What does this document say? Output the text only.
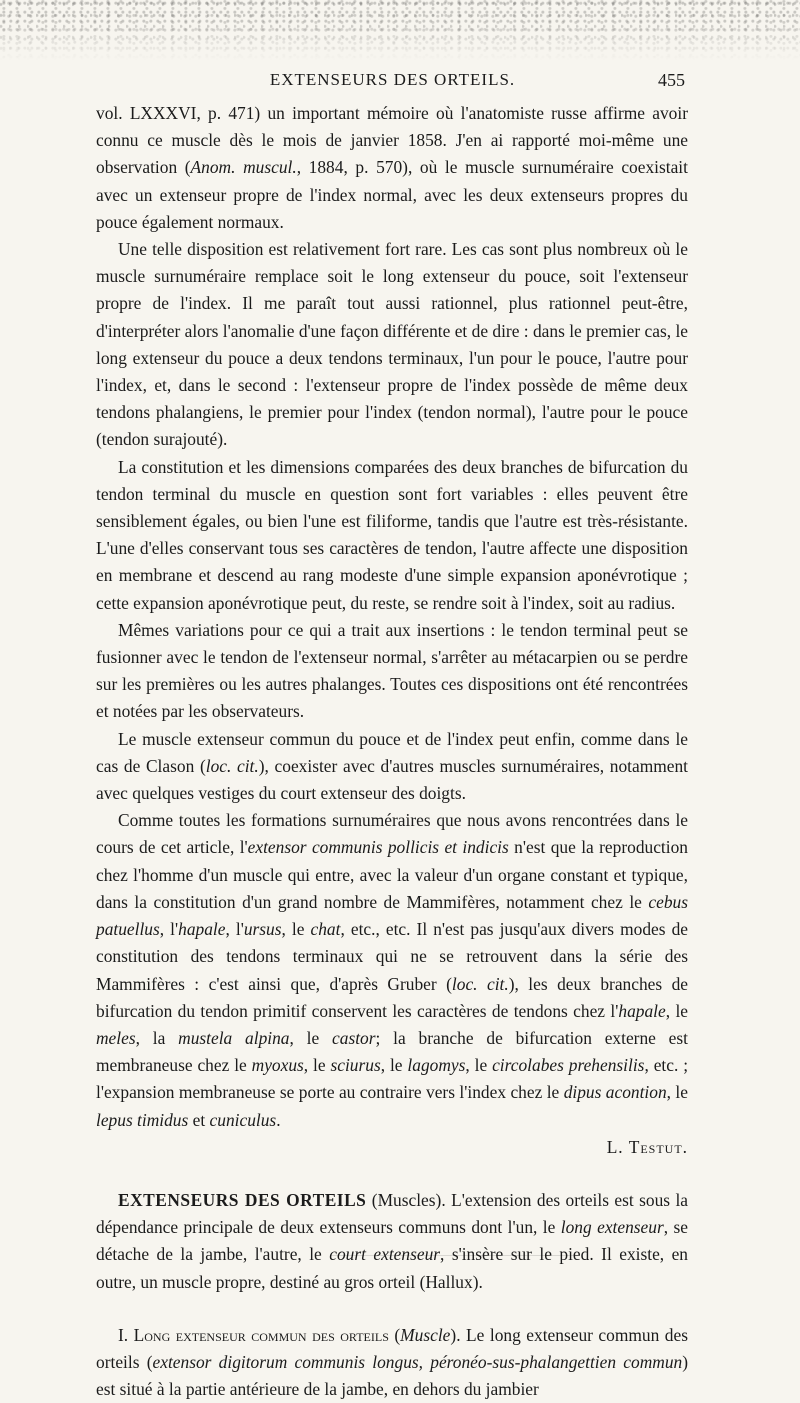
EXTENSEURS DES ORTEILS.	455

vol. LXXXVI, p. 471) un important mémoire où l'anatomiste russe affirme avoir connu ce muscle dès le mois de janvier 1858. J'en ai rapporté moi-même une observation (Anom. muscul., 1884, p. 570), où le muscle surnuméraire coexistait avec un extenseur propre de l'index normal, avec les deux extenseurs propres du pouce également normaux.

Une telle disposition est relativement fort rare. Les cas sont plus nombreux où le muscle surnuméraire remplace soit le long extenseur du pouce, soit l'extenseur propre de l'index. Il me paraît tout aussi rationnel, plus rationnel peut-être, d'interpréter alors l'anomalie d'une façon différente et de dire : dans le premier cas, le long extenseur du pouce a deux tendons terminaux, l'un pour le pouce, l'autre pour l'index, et, dans le second : l'extenseur propre de l'index possède de même deux tendons phalangiens, le premier pour l'index (tendon normal), l'autre pour le pouce (tendon surajouté).

La constitution et les dimensions comparées des deux branches de bifurcation du tendon terminal du muscle en question sont fort variables : elles peuvent être sensiblement égales, ou bien l'une est filiforme, tandis que l'autre est très-résistante. L'une d'elles conservant tous ses caractères de tendon, l'autre affecte une disposition en membrane et descend au rang modeste d'une simple expansion aponévrotique ; cette expansion aponévrotique peut, du reste, se rendre soit à l'index, soit au radius.

Mêmes variations pour ce qui a trait aux insertions : le tendon terminal peut se fusionner avec le tendon de l'extenseur normal, s'arrêter au métacarpien ou se perdre sur les premières ou les autres phalanges. Toutes ces dispositions ont été rencontrées et notées par les observateurs.

Le muscle extenseur commun du pouce et de l'index peut enfin, comme dans le cas de Clason (loc. cit.), coexister avec d'autres muscles surnuméraires, notamment avec quelques vestiges du court extenseur des doigts.

Comme toutes les formations surnuméraires que nous avons rencontrées dans le cours de cet article, l'extensor communis pollicis et indicis n'est que la reproduction chez l'homme d'un muscle qui entre, avec la valeur d'un organe constant et typique, dans la constitution d'un grand nombre de Mammifères, notamment chez le cebus patuellus, l'hapale, l'ursus, le chat, etc., etc. Il n'est pas jusqu'aux divers modes de constitution des tendons terminaux qui ne se retrouvent dans la série des Mammifères : c'est ainsi que, d'après Gruber (loc. cit.), les deux branches de bifurcation du tendon primitif conservent les caractères de tendons chez l'hapale, le meles, la mustela alpina, le castor; la branche de bifurcation externe est membraneuse chez le myoxus, le sciurus, le lagomys, le circolabes prehensilis, etc. ; l'expansion membraneuse se porte au contraire vers l'index chez le dipus acontion, le lepus timidus et cuniculus.

L. Testut.

EXTENSEURS DES ORTEILS (Muscles). L'extension des orteils est sous la dépendance principale de deux extenseurs communs dont l'un, le long extenseur, se détache de la jambe, l'autre, le court extenseur, s'insère sur le pied. Il existe, en outre, un muscle propre, destiné au gros orteil (Hallux).

I. Long extenseur commun des orteils (Muscle). Le long extenseur commun des orteils (extensor digitorum communis longus, péronéo-sus-phalangettien commun) est situé à la partie antérieure de la jambe, en dehors du jambier
